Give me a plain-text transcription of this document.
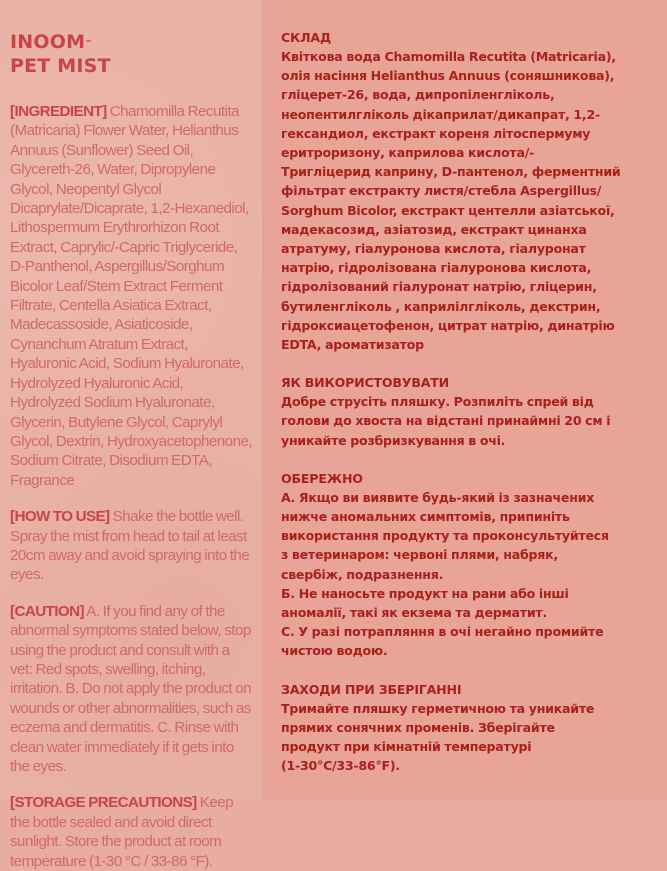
INOOM™
PET MIST
[INGREDIENT] Chamomilla Recutita (Matricaria) Flower Water, Helianthus Annuus (Sunflower) Seed Oil, Glycereth-26, Water, Dipropylene Glycol, Neopentyl Glycol Dicaprylate/Dicaprate, 1,2-Hexanediol, Lithospermum Erythrorhizon Root Extract, Caprylic/-Capric Triglyceride, D-Panthenol, Aspergillus/Sorghum Bicolor Leaf/Stem Extract Ferment Filtrate, Centella Asiatica Extract, Madecassoside, Asiaticoside, Cynanchum Atratum Extract, Hyaluronic Acid, Sodium Hyaluronate, Hydrolyzed Hyaluronic Acid, Hydrolyzed Sodium Hyaluronate, Glycerin, Butylene Glycol, Caprylyl Glycol, Dextrin, Hydroxyacetophenone, Sodium Citrate, Disodium EDTA, Fragrance
[HOW TO USE] Shake the bottle well. Spray the mist from head to tail at least 20cm away and avoid spraying into the eyes.
[CAUTION] A. If you find any of the abnormal symptoms stated below, stop using the product and consult with a vet: Red spots, swelling, itching, irritation. B. Do not apply the product on wounds or other abnormalities, such as eczema and dermatitis. C. Rinse with clean water immediately if it gets into the eyes.
[STORAGE PRECAUTIONS] Keep the bottle sealed and avoid direct sunlight. Store the product at room temperature (1-30 °C / 33-86 °F).
СКЛАД
Квіткова вода Chamomilla Recutita (Matricaria),
олія насіння Helianthus Annuus (соняшникова),
гліцерет-26, вода, дипропіленгліколь,
неопентилгліколь дікаприлат/дикапрат, 1,2-
гександиол, екстракт кореня літоспермуму
еритроризону, каприлова кислота/-
Тригліцерид каприну, D-пантенол, ферментний
фільтрат екстракту листя/стебла Aspergillus/
Sorghum Bicolor, екстракт центелли азіатської,
мадекасозид, азіатозид, екстракт цинанха
атратуму, гіалуронова кислота, гіалуронат
натрію, гідролізована гіалуронова кислота,
гідролізований гіалуронат натрію, гліцерин,
бутиленгліколь , каприлілгліколь, декстрин,
гідроксиацетофенон, цитрат натрію, динатрію
EDTA, ароматизатор
ЯК ВИКОРИСТОВУВАТИ
Добре струсіть пляшку. Розпиліть спрей від
голови до хвоста на відстані принаймні 20 см і
уникайте розбризкування в очі.
ОБЕРЕЖНО
А. Якщо ви виявите будь-який із зазначених
нижче аномальних симптомів, припиніть
використання продукту та проконсультуйтеся
з ветеринаром: червоні плями, набряк,
свербіж, подразнення.
Б. Не наносьте продукт на рани або інші
аномалії, такі як екзема та дерматит.
С. У разі потрапляння в очі негайно промийте
чистою водою.
ЗАХОДИ ПРИ ЗБЕРІГАННІ
Тримайте пляшку герметичною та уникайте
прямих сонячних променів. Зберігайте
продукт при кімнатній температурі
(1-30°C/33-86°F).
